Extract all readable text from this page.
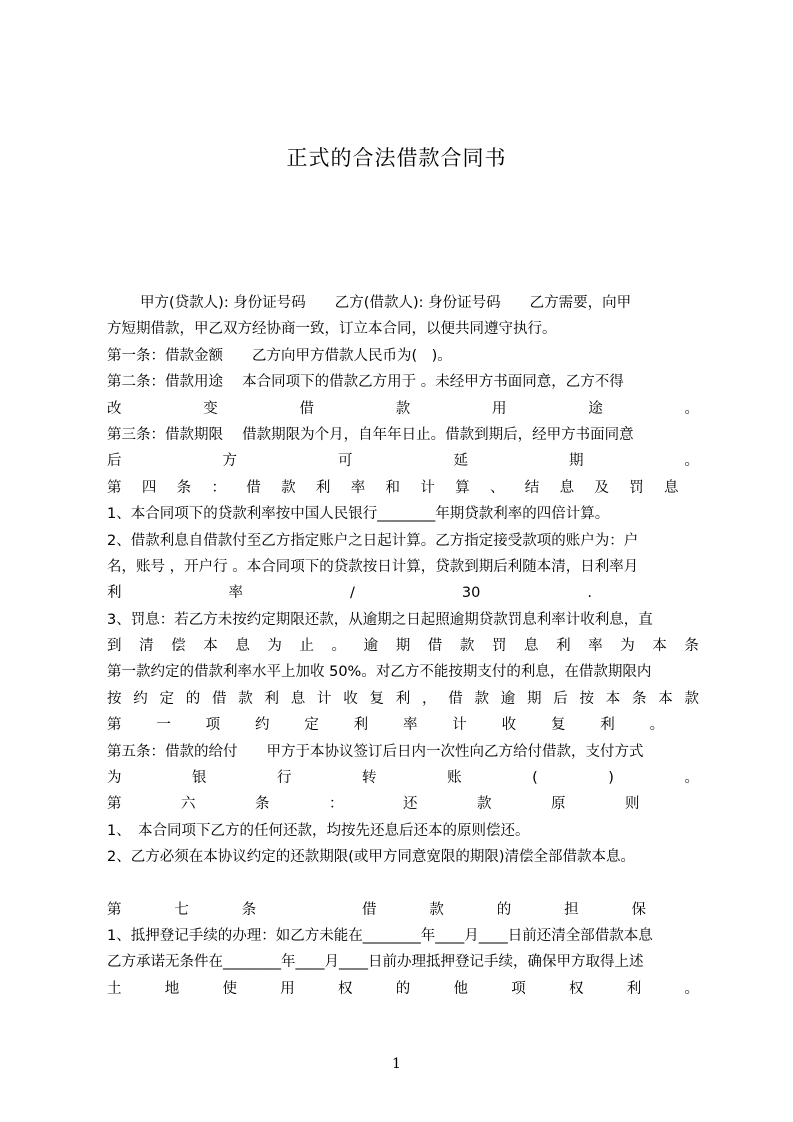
正式的合法借款合同书
甲方(贷款人): 身份证号码　　乙方(借款人): 身份证号码　　乙方需要，向甲
方短期借款，甲乙双方经协商一致，订立本合同，以便共同遵守执行。
第一条：借款金额　　乙方向甲方借款人民币为(　)。
第二条：借款用途　 本合同项下的借款乙方用于 。未经甲方书面同意，乙方不得
改	变	借	款	用	途	。
第三条：借款期限　 借款期限为个月，自年年日止。借款到期后，经甲方书面同意
后	方	可	延	期	。
第 四 条 ： 借 款 利 率 和 计 算 、 结 息 及 罚 息
1、本合同项下的贷款利率按中国人民银行________年期贷款利率的四倍计算。
2、借款利息自借款付至乙方指定账户之日起计算。乙方指定接受款项的账户为：户
名，账号 ，开户行 。本合同项下的贷款按日计算，贷款到期后利随本清，日利率月
利	率	/	30	.
3、罚息：若乙方未按约定期限还款，从逾期之日起照逾期贷款罚息利率计收利息，直
到 清 偿 本 息 为 止 。 逾 期 借 款 罚 息 利 率 为 本 条
第一款约定的借款利率水平上加收 50%。对乙方不能按期支付的利息，在借款期限内
按 约 定 的 借 款 利 息 计 收 复 利 ， 借 款 逾 期 后 按 本 条 本 款
第 一 项 约 定 利 率 计 收 复 利 。
第五条：借款的给付　　甲方于本协议签订后日内一次性向乙方给付借款，支付方式
为	银	行	转	账	(	)	。
第	六	条	：	还	款	原	则
1、　本合同项下乙方的任何还款，均按先还息后还本的原则偿还。
2、乙方必须在本协议约定的还款期限(或甲方同意宽限的期限)清偿全部借款本息。
第	七	条	借	款	的	担	保
1、抵押登记手续的办理：如乙方未能在________年____月____日前还清全部借款本息
乙方承诺无条件在________年____月____日前办理抵押登记手续，确保甲方取得上述
土	地	使	用	权	的	他	项	权	利	。
1
